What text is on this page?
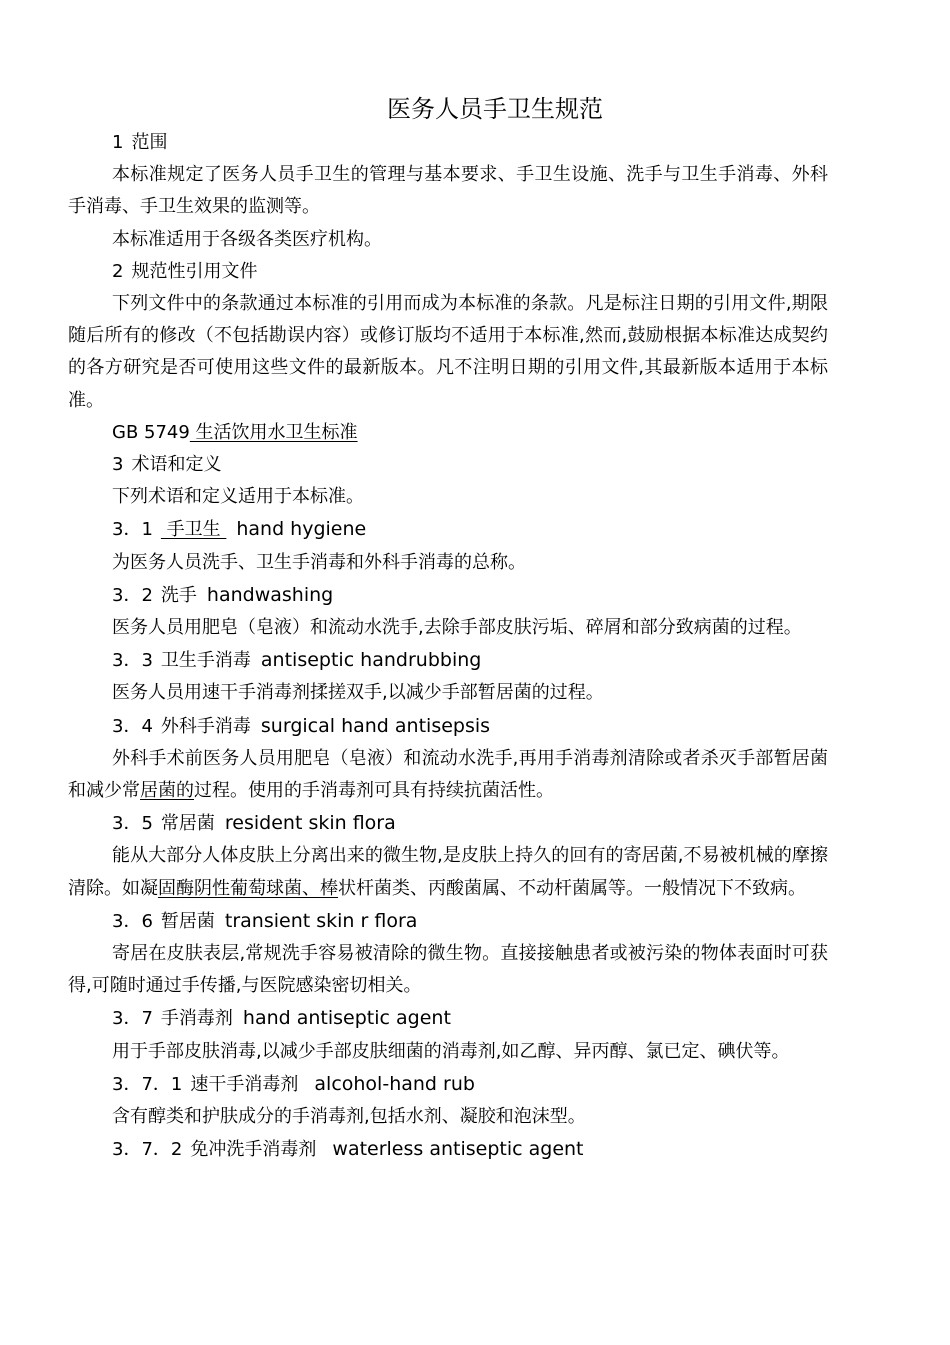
医务人员手卫生规范
1 范围

本标准规定了医务人员手卫生的管理与基本要求、手卫生设施、洗手与卫生手消毒、外科手消毒、手卫生效果的监测等。

本标准适用于各级各类医疗机构。

2 规范性引用文件

下列文件中的条款通过本标准的引用而成为本标准的条款。凡是标注日期的引用文件,期限随后所有的修改（不包括勘误内容）或修订版均不适用于本标准,然而,鼓励根据本标准达成契约的各方研究是否可使用这些文件的最新版本。凡不注明日期的引用文件,其最新版本适用于本标准。

GB 5749 生活饮用水卫生标准
3 术语和定义

下列术语和定义适用于本标准。

3．1 手卫生 hand hygiene

为医务人员洗手、卫生手消毒和外科手消毒的总称。

3．2 洗手 handwashing

医务人员用肥皂（皂液）和流动水洗手,去除手部皮肤污垢、碎屑和部分致病菌的过程。

3．3 卫生手消毒 antiseptic handrubbing

医务人员用速干手消毒剂揉搓双手,以减少手部暂居菌的过程。

3．4 外科手消毒 surgical hand antisepsis

外科手术前医务人员用肥皂（皂液）和流动水洗手,再用手消毒剂清除或者杀灭手部暂居菌和减少常居菌的过程。使用的手消毒剂可具有持续抗菌活性。

3．5 常居菌 resident skin flora

能从大部分人体皮肤上分离出来的微生物,是皮肤上持久的回有的寄居菌,不易被机械的摩擦清除。如凝固酶阴性葡萄球菌、棒状杆菌类、丙酸菌属、不动杆菌属等。一般情况下不致病。

3．6 暂居菌 transient skin r flora

寄居在皮肤表层,常规洗手容易被清除的微生物。直接接触患者或被污染的物体表面时可获得,可随时通过手传播,与医院感染密切相关。

3．7 手消毒剂 hand antiseptic agent

用于手部皮肤消毒,以减少手部皮肤细菌的消毒剂,如乙醇、异丙醇、氯已定、碘伏等。

3．7．1 速干手消毒剂 alcohol-hand rub

含有醇类和护肤成分的手消毒剂,包括水剂、凝胶和泡沫型。

3．7．2 免冲洗手消毒剂 waterless antiseptic agent
